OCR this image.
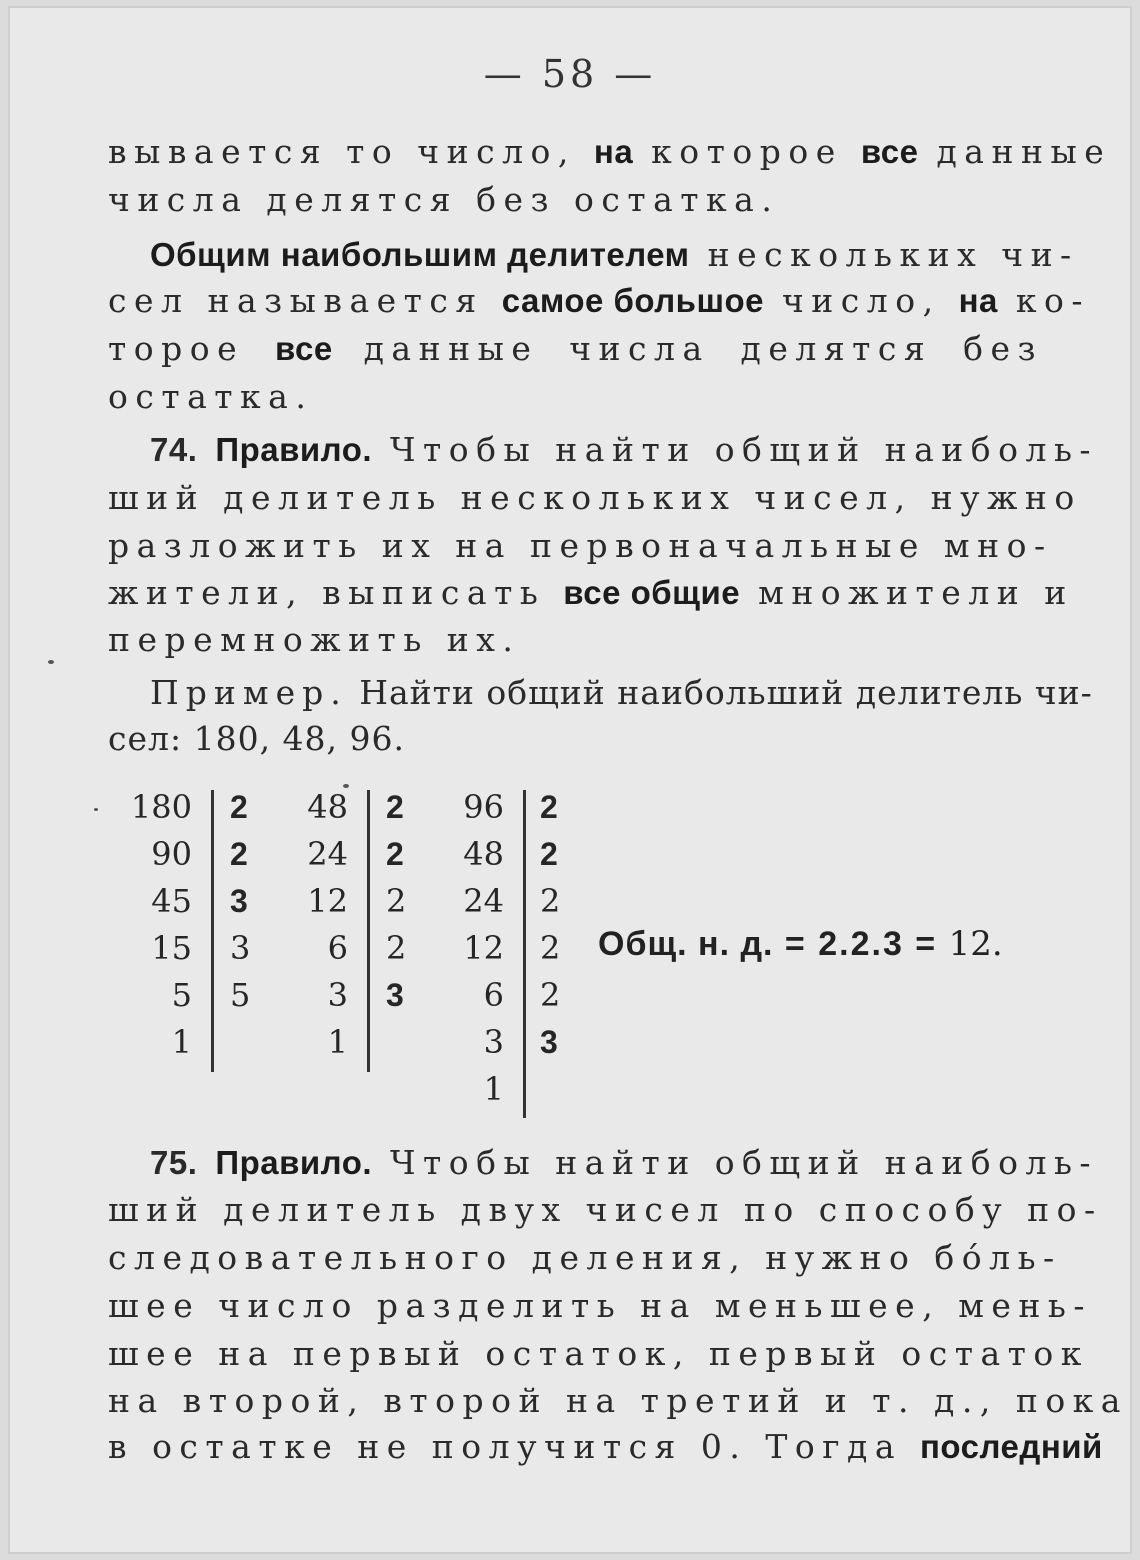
— 58 —
вывается то число, на которое все данные
числа делятся без остатка.
Общим наибольшим делителем нескольких чи-
сел называется самое большое число, на ко-
торое все данные числа делятся без
остатка.
74. Правило. Чтобы найти общий наиболь-
ший делитель нескольких чисел, нужно
разложить их на первоначальные мно-
жители, выписать все общие множители и
перемножить их.
Пример. Найти общий наибольший делитель чи-
сел: 180, 48, 96.
180
90
45
15
5
1
2
2
3
3
5
48
24
12
6
3
1
2
2
2
2
3
96
48
24
12
6
3
1
2
2
2
2
2
3
Общ. н. д. = 2.2.3 = 12.
75. Правило. Чтобы найти общий наиболь-
ший делитель двух чисел по способу по-
следовательного деления, нужно бо́ль-
шее число разделить на меньшее, мень-
шее на первый остаток, первый остаток
на второй, второй на третий и т. д., пока
в остатке не получится 0. Тогда последний
